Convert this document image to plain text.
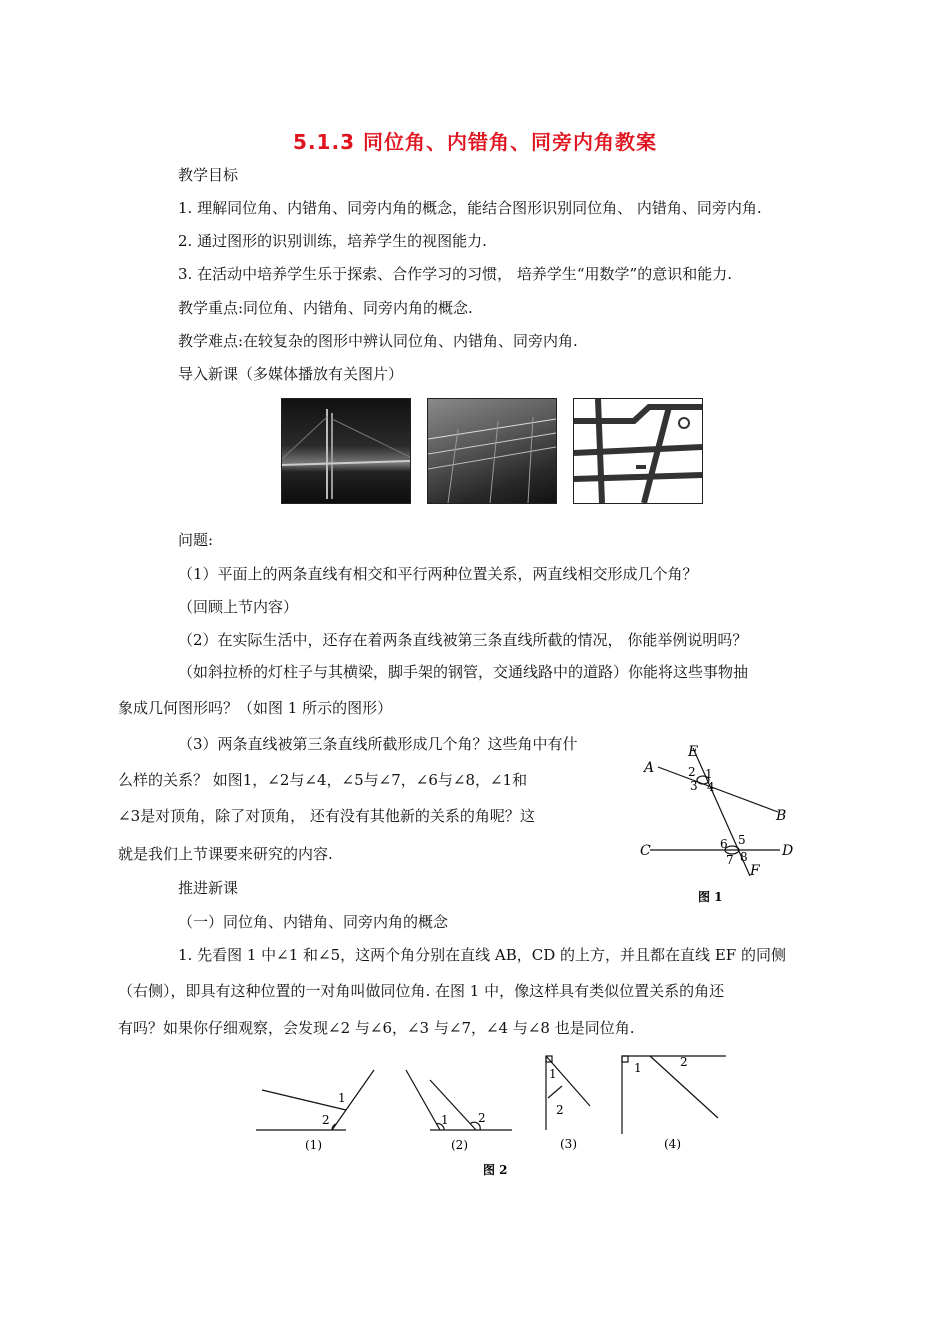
5.1.3 同位角、内错角、同旁内角教案
教学目标
1. 理解同位角、内错角、同旁内角的概念，能结合图形识别同位角、 内错角、同旁内角.
2. 通过图形的识别训练，培养学生的视图能力.
3. 在活动中培养学生乐于探索、合作学习的习惯， 培养学生“用数学”的意识和能力.
教学重点:同位角、内错角、同旁内角的概念.
教学难点:在较复杂的图形中辨认同位角、内错角、同旁内角.
导入新课（多媒体播放有关图片）
问题:
（1）平面上的两条直线有相交和平行两种位置关系，两直线相交形成几个角？
（回顾上节内容）
（2）在实际生活中，还存在着两条直线被第三条直线所截的情况， 你能举例说明吗？
（如斜拉桥的灯柱子与其横梁，脚手架的钢管，交通线路中的道路）你能将这些事物抽
象成几何图形吗？（如图 1 所示的图形）
（3）两条直线被第三条直线所截形成几个角？这些角中有什
么样的关系？ 如图1，∠2与∠4，∠5与∠7，∠6与∠8，∠1和
∠3是对顶角，除了对顶角， 还有没有其他新的关系的角呢？这
就是我们上节课要来研究的内容.
E
A
B
C	D
F
1
2
3 4
5
6
7 8
图 1
推进新课
（一）同位角、内错角、同旁内角的概念
1. 先看图 1 中∠1 和∠5，这两个角分别在直线 AB，CD 的上方，并且都在直线 EF 的同侧
（右侧），即具有这种位置的一对角叫做同位角. 在图 1 中，像这样具有类似位置关系的角还
有吗？如果你仔细观察，会发现∠2 与∠6，∠3 与∠7，∠4 与∠8 也是同位角.
1
2	1 2
1
2
1	2
(1)	(2)	(3)	(4)
图 2
